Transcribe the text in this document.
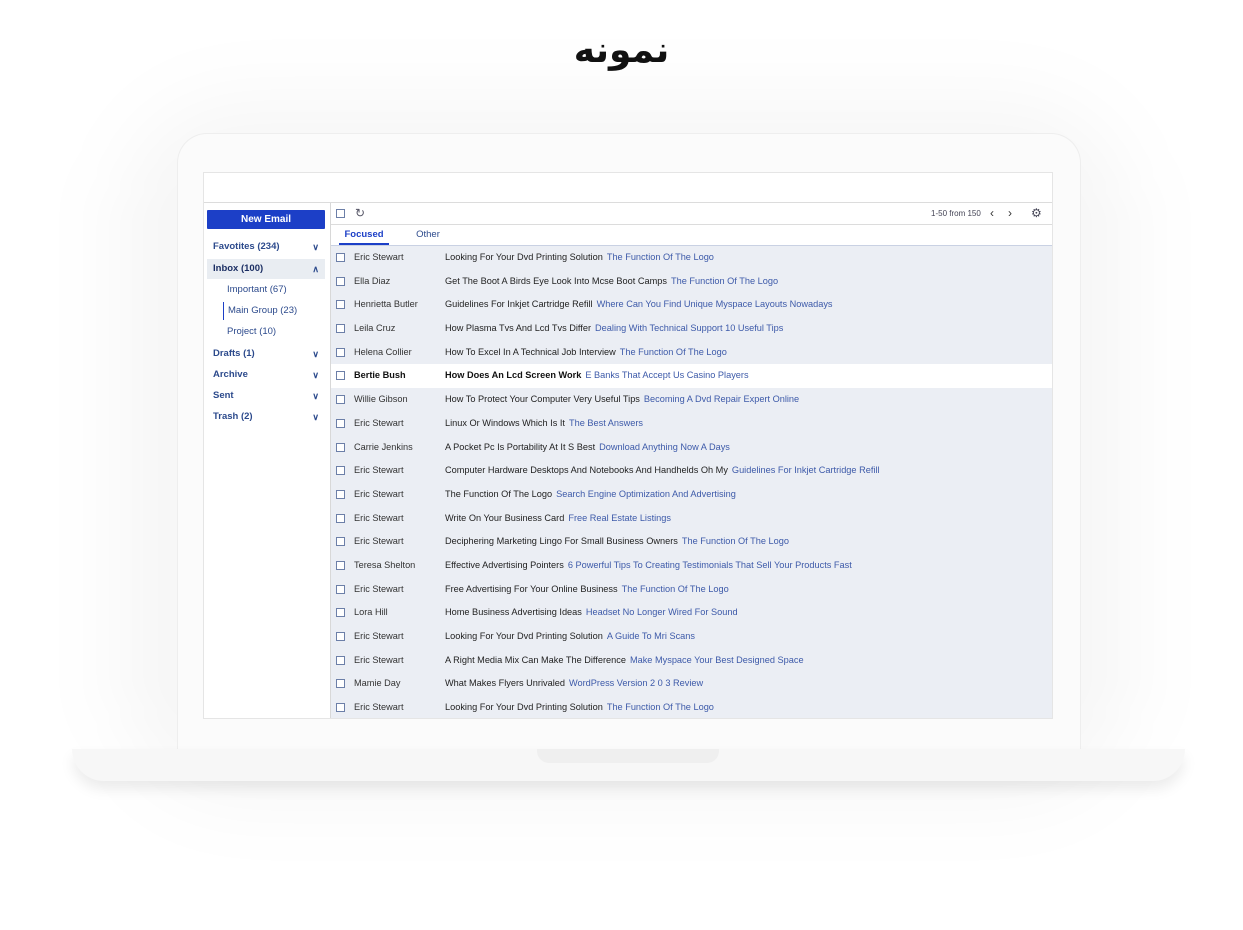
نمونه
New Email
Favotites (234)	∨
Inbox (100)	∧
Important (67)
Main Group (23)
Project (10)
Drafts (1)	∨
Archive	∨
Sent	∨
Trash (2)	∨
↻	1-50 from 150 ‹ › ⚙
Focused	Other
Eric Stewart	Looking For Your Dvd Printing Solution The Function Of The Logo
Ella Diaz	Get The Boot A Birds Eye Look Into Mcse Boot Camps The Function Of The Logo
Henrietta Butler	Guidelines For Inkjet Cartridge Refill Where Can You Find Unique Myspace Layouts Nowadays
Leila Cruz	How Plasma Tvs And Lcd Tvs Differ Dealing With Technical Support 10 Useful Tips
Helena Collier	How To Excel In A Technical Job Interview The Function Of The Logo
Bertie Bush	How Does An Lcd Screen Work E Banks That Accept Us Casino Players
Willie Gibson	How To Protect Your Computer Very Useful Tips Becoming A Dvd Repair Expert Online
Eric Stewart	Linux Or Windows Which Is It The Best Answers
Carrie Jenkins	A Pocket Pc Is Portability At It S Best Download Anything Now A Days
Eric Stewart	Computer Hardware Desktops And Notebooks And Handhelds Oh My Guidelines For Inkjet Cartridge Refill
Eric Stewart	The Function Of The Logo Search Engine Optimization And Advertising
Eric Stewart	Write On Your Business Card Free Real Estate Listings
Eric Stewart	Deciphering Marketing Lingo For Small Business Owners The Function Of The Logo
Teresa Shelton	Effective Advertising Pointers 6 Powerful Tips To Creating Testimonials That Sell Your Products Fast
Eric Stewart	Free Advertising For Your Online Business The Function Of The Logo
Lora Hill	Home Business Advertising Ideas Headset No Longer Wired For Sound
Eric Stewart	Looking For Your Dvd Printing Solution A Guide To Mri Scans
Eric Stewart	A Right Media Mix Can Make The Difference Make Myspace Your Best Designed Space
Mamie Day	What Makes Flyers Unrivaled WordPress Version 2 0 3 Review
Eric Stewart	Looking For Your Dvd Printing Solution The Function Of The Logo
